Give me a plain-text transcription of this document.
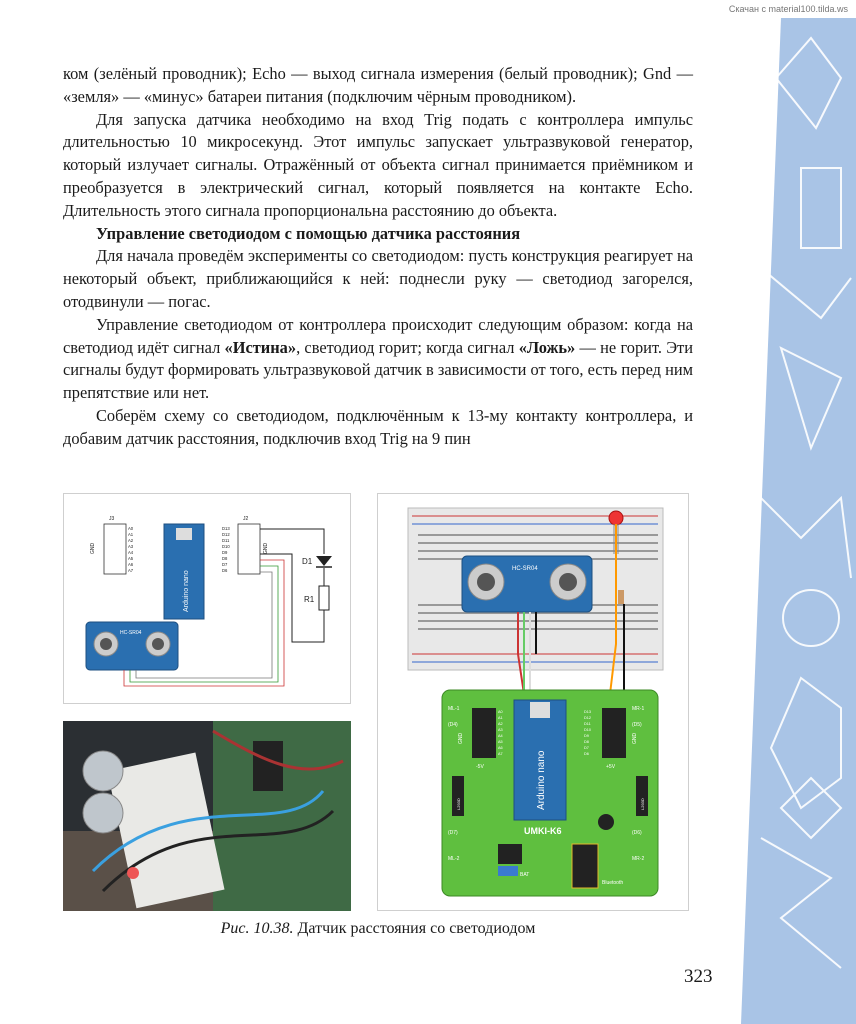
Скачан с material100.tilda.ws

ком (зелёный проводник); Echo — выход сигнала измерения (белый проводник); Gnd — «земля» — «минус» батареи питания (подключим чёрным проводником).

Для запуска датчика необходимо на вход Trig подать с контроллера импульс длительностью 10 микросекунд. Этот импульс запускает ультразвуковой генератор, который излучает сигналы. Отражённый от объекта сигнал принимается приёмником и преобразуется в электрический сигнал, который появляется на контакте Echo. Длительность этого сигнала пропорциональна расстоянию до объекта.

Управление светодиодом с помощью датчика расстояния

Для начала проведём эксперименты со светодиодом: пусть конструкция реагирует на некоторый объект, приближающийся к ней: поднесли руку — светодиод загорелся, отодвинули — погас.

Управление светодиодом от контроллера происходит следующим образом: когда на светодиод идёт сигнал «Истина», светодиод горит; когда сигнал «Ложь» — не горит. Эти сигналы будут формировать ультразвуковой датчик в зависимости от того, есть перед ним препятствие или нет.

Соберём схему со светодиодом, подключённым к 13-му контакту контроллера, и добавим датчик расстояния, подключив вход Trig на 9 пин

J3
GND
A0
A1
A2
A3
A4
A5
A6
A7	Arduino nano
D13
D12
D11
D10
D9
D8
D7
D6
J2
GND
D1
R1
HC-SR04
HC-SR04
Arduino nano
ML-1
(D4)
MR-1
(D5)
(D7)
ML-2
(D6)
MR-2
-5V	+5V
GND	GND
BAT
Bluetooth
A0
A1
A2
A3
A4
A5
A6
A7
D13
D12
D11
D10
D9
D8
D7
D6
L293D	L293D
UMKI-K6
Рис. 10.38. Датчик расстояния со светодиодом
323
